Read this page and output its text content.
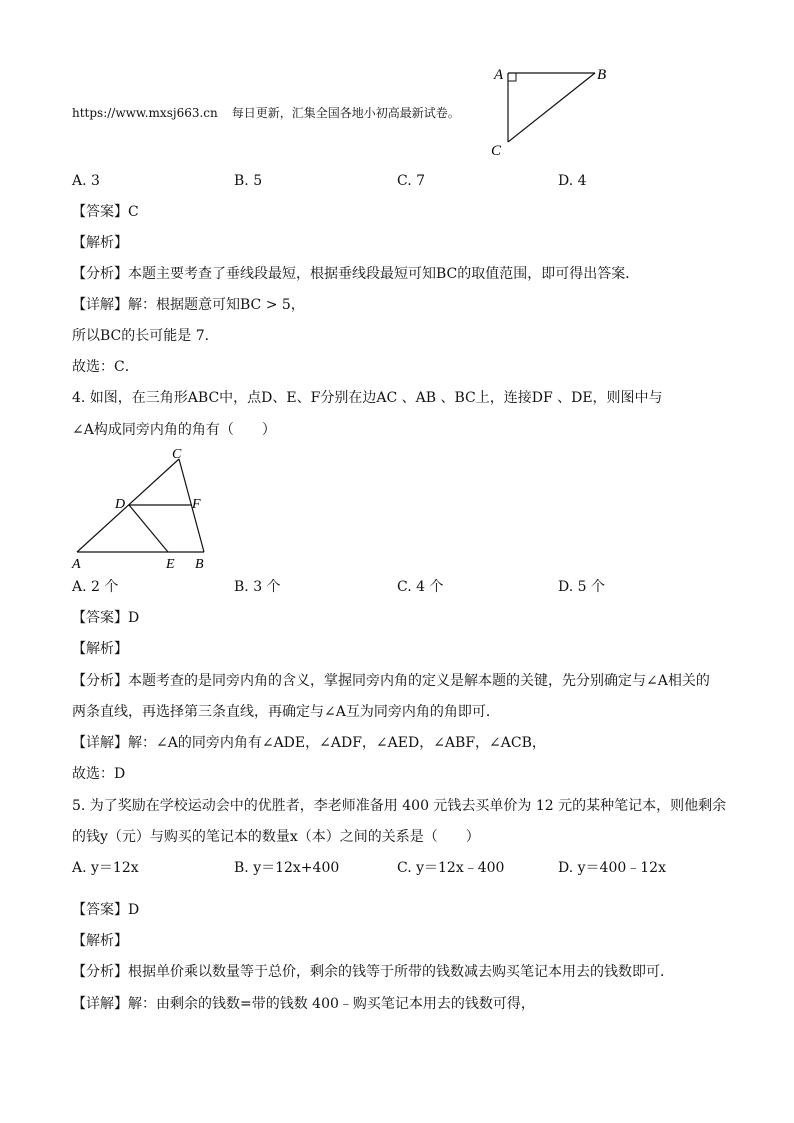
https://www.mxsj663.cn 每日更新，汇集全国各地小初高最新试卷。
A	B
C
A. 3	B. 5	C. 7	D. 4
【答案】C
【解析】
【分析】本题主要考查了垂线段最短，根据垂线段最短可知BC的取值范围，即可得出答案．
【详解】解：根据题意可知BC > 5，
所以BC的长可能是 7．
故选：C．
4. 如图，在三角形ABC中，点D、E、F分别在边AC 、AB 、BC上，连接DF 、DE，则图中与
∠A构成同旁内角的角有（　　）
A	B
C
D
E
F
A. 2 个	B. 3 个	C. 4 个	D. 5 个
【答案】D
【解析】
【分析】本题考查的是同旁内角的含义，掌握同旁内角的定义是解本题的关键，先分别确定与∠A相关的
两条直线，再选择第三条直线，再确定与∠A互为同旁内角的角即可．
【详解】解：∠A的同旁内角有∠ADE，∠ADF，∠AED，∠ABF，∠ACB，
故选：D
5. 为了奖励在学校运动会中的优胜者，李老师准备用 400 元钱去买单价为 12 元的某种笔记本，则他剩余
的钱y（元）与购买的笔记本的数量x（本）之间的关系是（　　）
A. y＝12x	B. y＝12x+400	C. y＝12x﹣400	D. y＝400﹣12x
【答案】D
【解析】
【分析】根据单价乘以数量等于总价，剩余的钱等于所带的钱数减去购买笔记本用去的钱数即可．
【详解】解：由剩余的钱数=带的钱数 400﹣购买笔记本用去的钱数可得，
